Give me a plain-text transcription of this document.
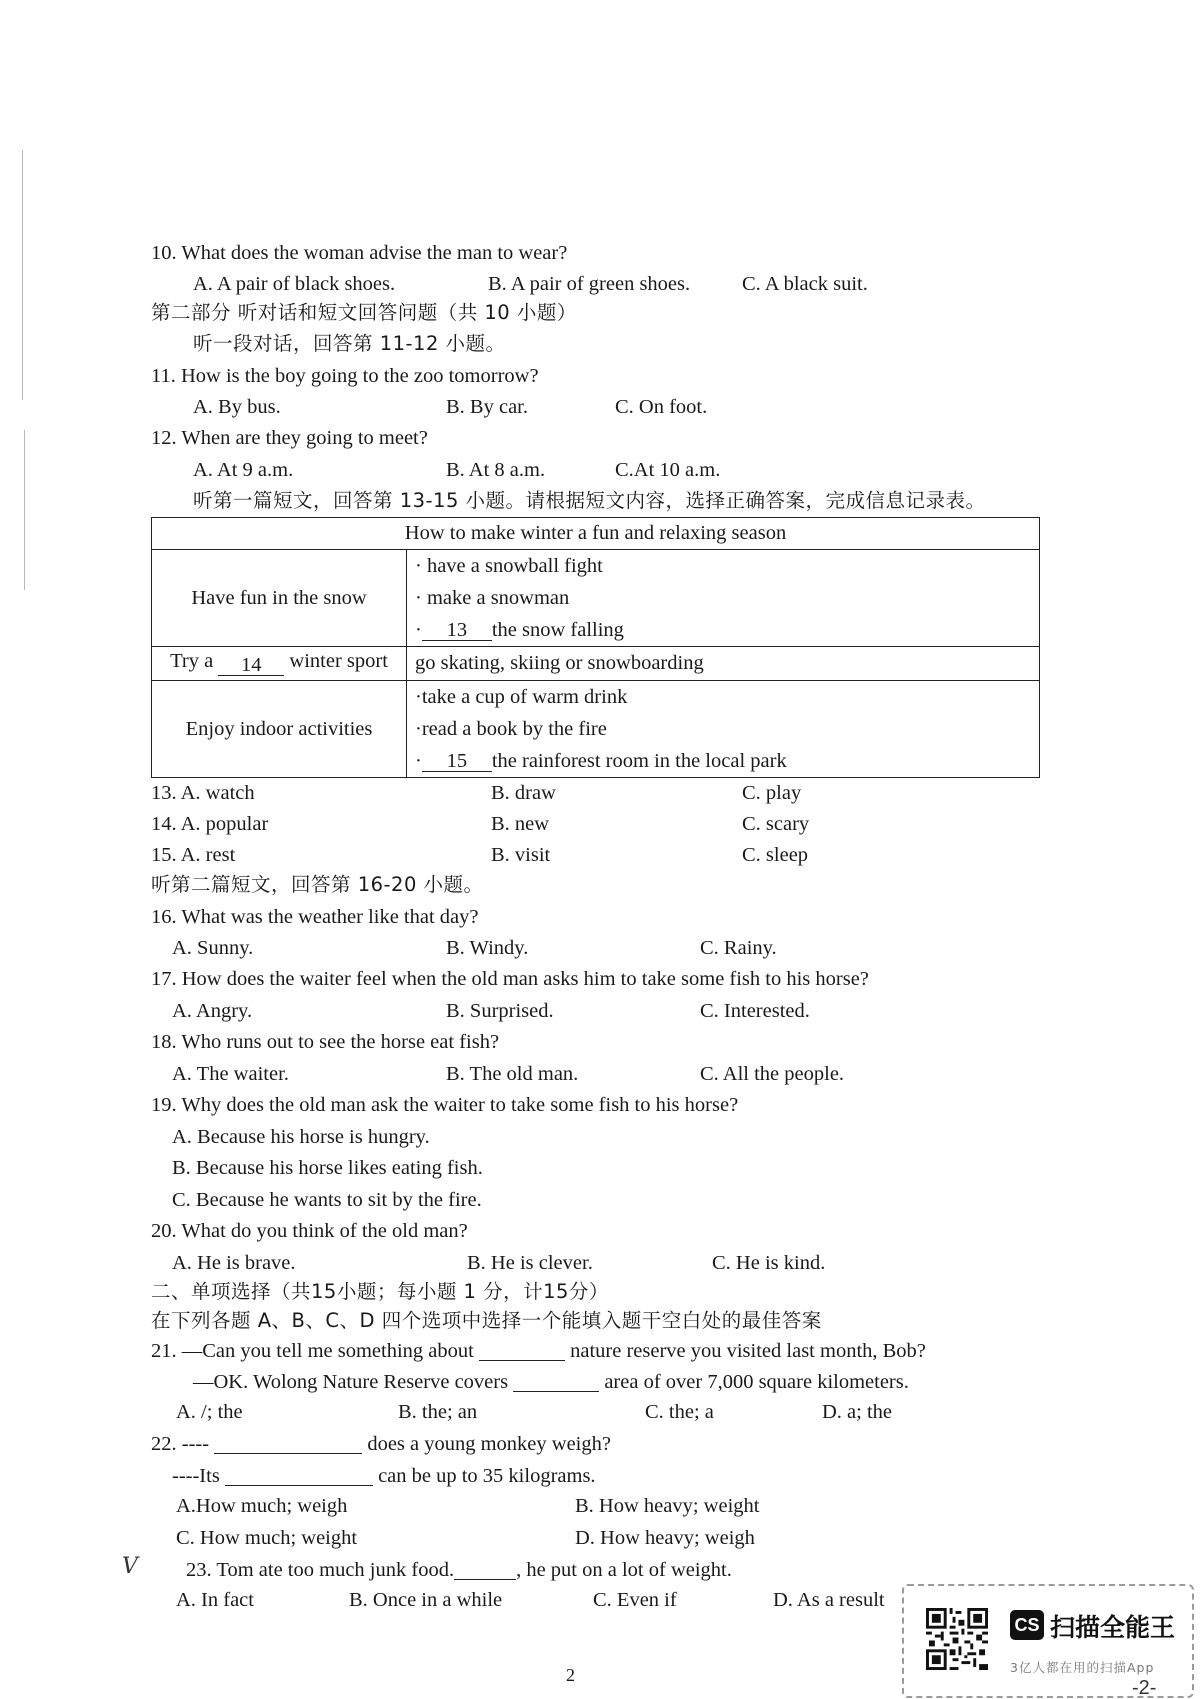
10. What does the woman advise the man to wear?
A. A pair of black shoes.	B. A pair of green shoes.	C. A black suit.
第二部分 听对话和短文回答问题（共 10 小题）
听一段对话，回答第 11-12 小题。
11. How is the boy going to the zoo tomorrow?
A. By bus.	B. By car.	C. On foot.
12. When are they going to meet?
A. At 9 a.m.	B. At 8 a.m.	C.At 10 a.m.
听第一篇短文，回答第 13-15 小题。请根据短文内容，选择正确答案，完成信息记录表。
How to make winter a fun and relaxing season	
Have fun in the snow	· have a snowball fight
· make a snowman
· 13 the snow falling

Try a 14 winter sport	go skating, skiing or snowboarding

Enjoy indoor activities	·take a cup of warm drink
·read a book by the fire
· 15 the rainforest room in the local park
13. A. watch	B. draw	C. play
14. A. popular	B. new	C. scary
15. A. rest	B. visit	C. sleep
听第二篇短文，回答第 16-20 小题。
16. What was the weather like that day?
A. Sunny.	B. Windy.	C. Rainy.
17. How does the waiter feel when the old man asks him to take some fish to his horse?
A. Angry.	B. Surprised.	C. Interested.
18. Who runs out to see the horse eat fish?
A. The waiter.	B. The old man.	C. All the people.
19. Why does the old man ask the waiter to take some fish to his horse?
A. Because his horse is hungry.
B. Because his horse likes eating fish.
C. Because he wants to sit by the fire.
20. What do you think of the old man?
A. He is brave.	B. He is clever.	C. He is kind.
二、单项选择（共15小题；每小题 1 分，计15分）
在下列各题 A、B、C、D 四个选项中选择一个能填入题干空白处的最佳答案
21. —Can you tell me something about	nature reserve you visited last month, Bob?
—OK. Wolong Nature Reserve covers	area of over 7,000 square kilometers.
A. /; the	B. the; an	C. the; a	D. a; the
22. ----	does a young monkey weigh?
----Its	can be up to 35 kilograms.
A.How much; weigh	B. How heavy; weight
C. How much; weight	D. How heavy; weigh
V 23. Tom ate too much junk food.	, he put on a lot of weight.
A. In fact	B. Once in a while	C. Even if	D. As a result
2
CS 扫描全能王
3亿人都在用的扫描App
-2-
